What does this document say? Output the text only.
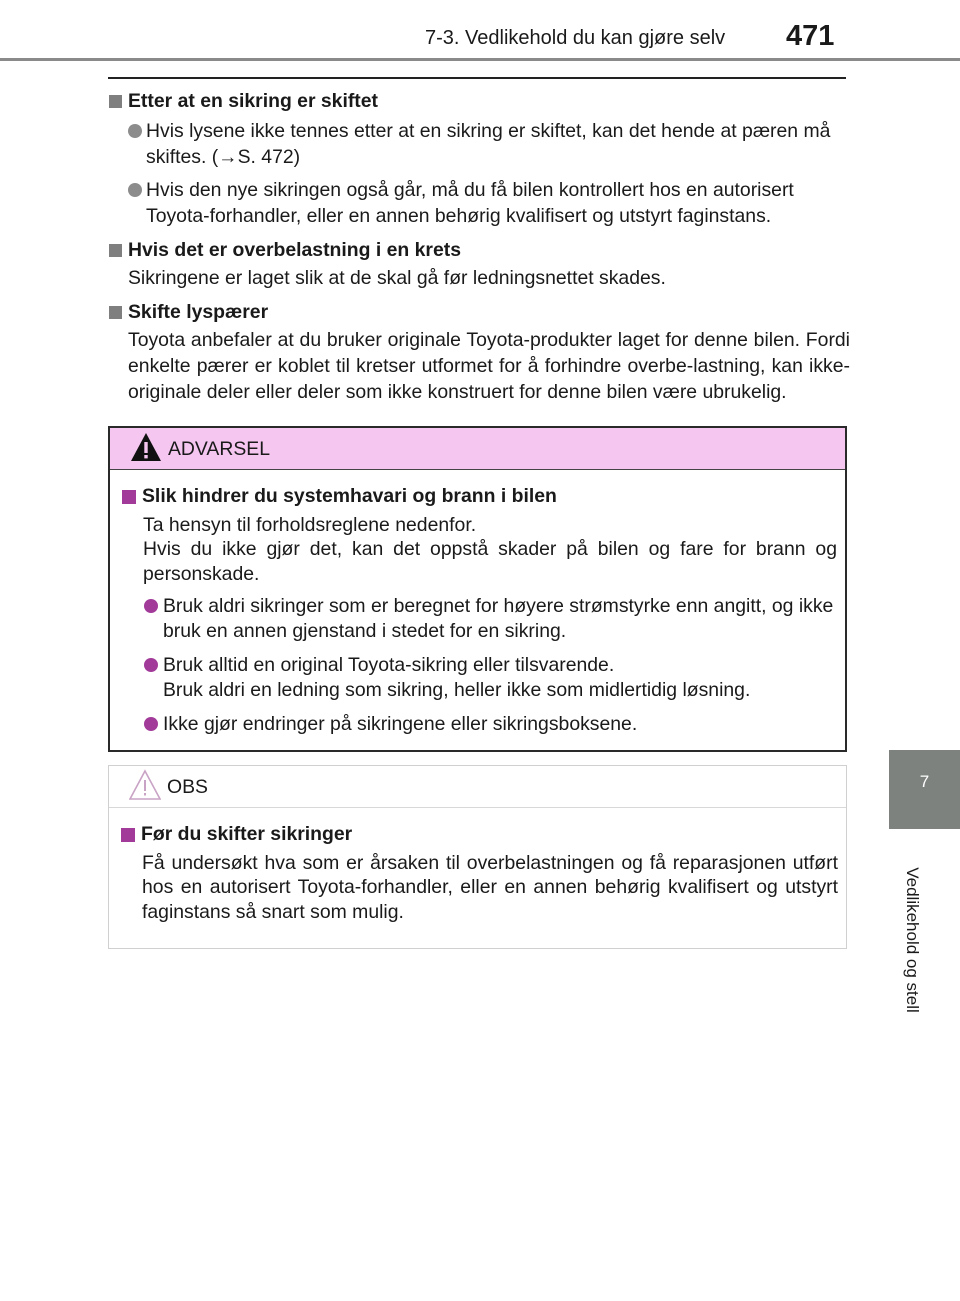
7-3. Vedlikehold du kan gjøre selv 471
7
Vedlikehold og stell
Etter at en sikring er skiftet
Hvis lysene ikke tennes etter at en sikring er skiftet, kan det hende at pæren må skiftes. (→S. 472)
Hvis den nye sikringen også går, må du få bilen kontrollert hos en autorisert Toyota-forhandler, eller en annen behørig kvalifisert og utstyrt faginstans.
Hvis det er overbelastning i en krets
Sikringene er laget slik at de skal gå før ledningsnettet skades.
Skifte lyspærer
Toyota anbefaler at du bruker originale Toyota-produkter laget for denne bilen. Fordi enkelte pærer er koblet til kretser utformet for å forhindre overbe-lastning, kan ikke-originale deler eller deler som ikke konstruert for denne bilen være ubrukelig.
ADVARSEL
Slik hindrer du systemhavari og brann i bilen
Ta hensyn til forholdsreglene nedenfor.
Hvis du ikke gjør det, kan det oppstå skader på bilen og fare for brann og personskade.
Bruk aldri sikringer som er beregnet for høyere strømstyrke enn angitt, og ikke bruk en annen gjenstand i stedet for en sikring.
Bruk alltid en original Toyota-sikring eller tilsvarende.
Bruk aldri en ledning som sikring, heller ikke som midlertidig løsning.
Ikke gjør endringer på sikringene eller sikringsboksene.
OBS
Før du skifter sikringer
Få undersøkt hva som er årsaken til overbelastningen og få reparasjonen utført hos en autorisert Toyota-forhandler, eller en annen behørig kvalifisert og utstyrt faginstans så snart som mulig.
